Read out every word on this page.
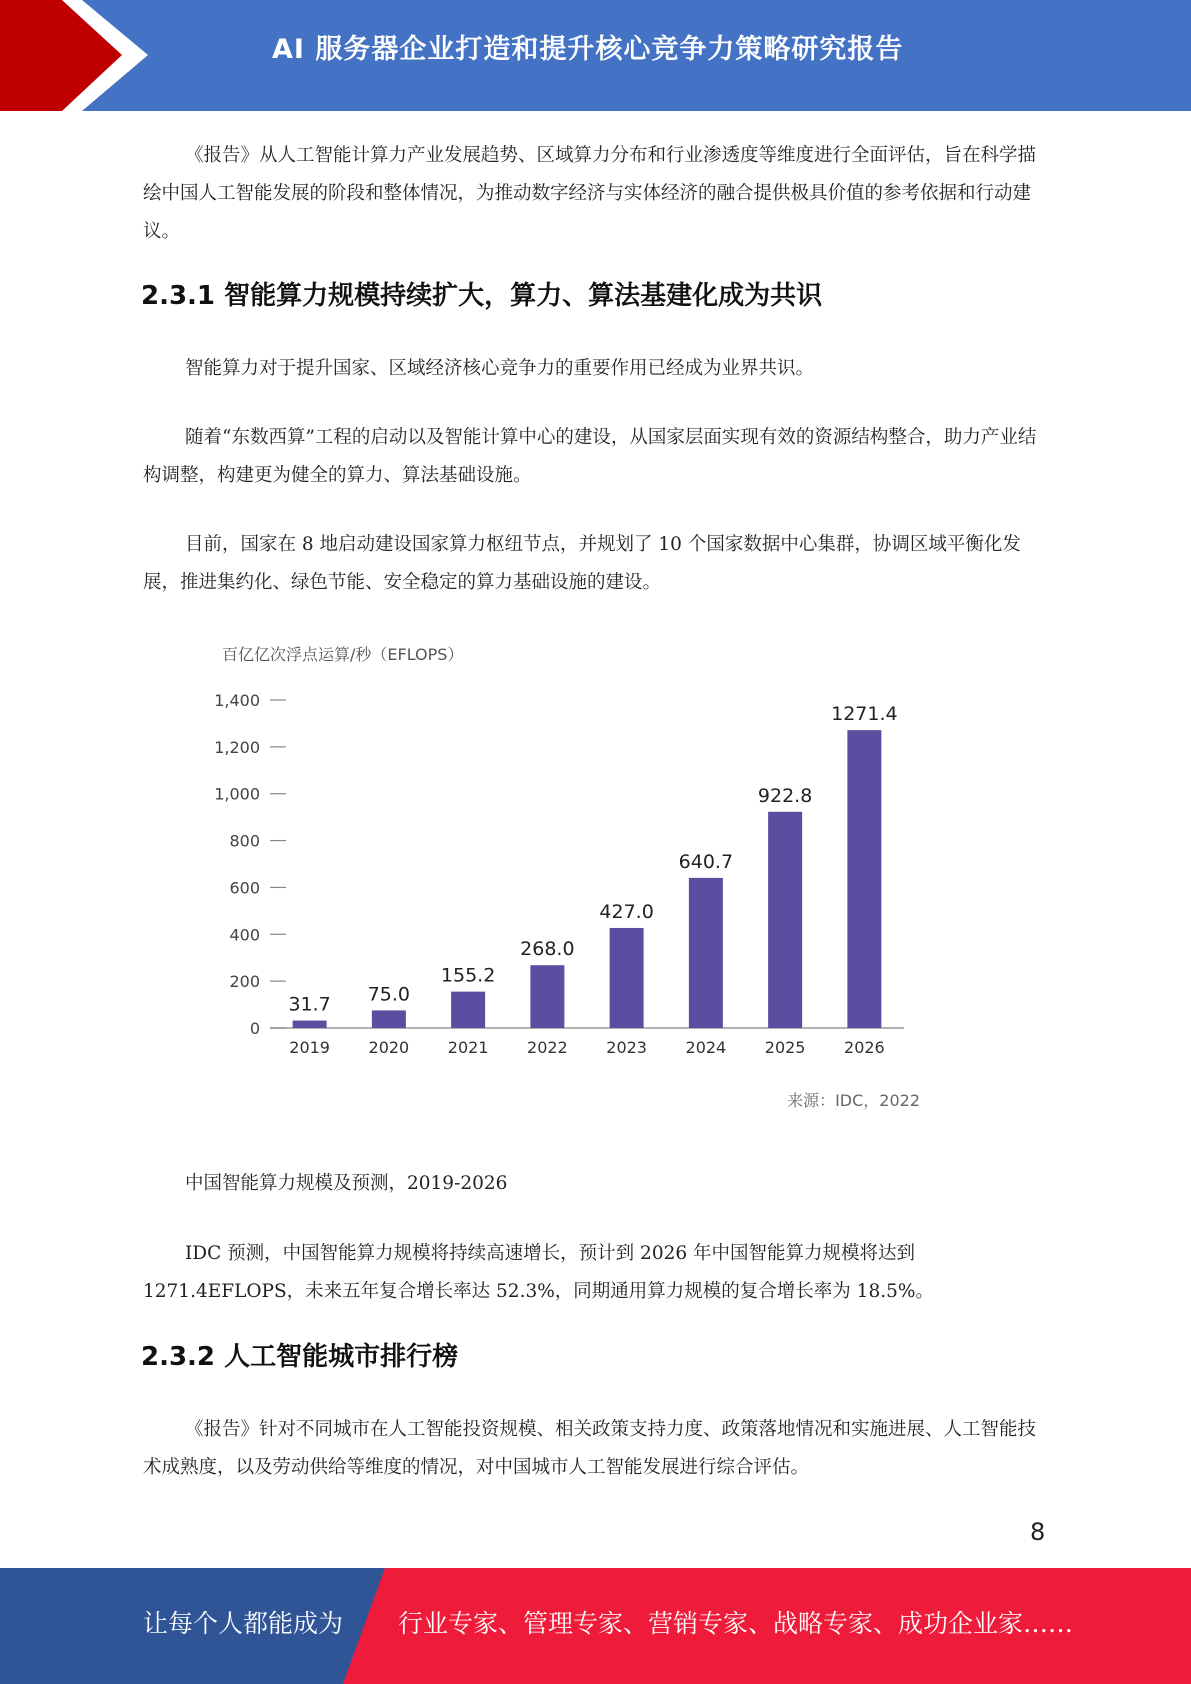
AI 服务器企业打造和提升核心竞争力策略研究报告

《报告》从人工智能计算力产业发展趋势、区域算力分布和行业渗透度等维度进行全面评估，旨在科学描绘中国人工智能发展的阶段和整体情况，为推动数字经济与实体经济的融合提供极具价值的参考依据和行动建议。

2.3.1 智能算力规模持续扩大，算力、算法基建化成为共识

智能算力对于提升国家、区域经济核心竞争力的重要作用已经成为业界共识。

随着“东数西算”工程的启动以及智能计算中心的建设，从国家层面实现有效的资源结构整合，助力产业结构调整，构建更为健全的算力、算法基础设施。

目前，国家在 8 地启动建设国家算力枢纽节点，并规划了 10 个国家数据中心集群，协调区域平衡化发展，推进集约化、绿色节能、安全稳定的算力基础设施的建设。

百亿亿次浮点运算/秒（EFLOPS）
0
200
400
600
800
1,000
1,200
1,400
31.7 75.0
155.2
268.0
427.0
640.7
922.8
1271.4
2019 2020 2021 2022 2023 2024 2025 2026
来源：IDC，2022

中国智能算力规模及预测，2019-2026

IDC 预测，中国智能算力规模将持续高速增长，预计到 2026 年中国智能算力规模将达到1271.4EFLOPS，未来五年复合增长率达 52.3%，同期通用算力规模的复合增长率为 18.5%。

2.3.2 人工智能城市排行榜

《报告》针对不同城市在人工智能投资规模、相关政策支持力度、政策落地情况和实施进展、人工智能技术成熟度，以及劳动供给等维度的情况，对中国城市人工智能发展进行综合评估。

8
让每个人都能成为 行业专家、管理专家、营销专家、战略专家、成功企业家……
